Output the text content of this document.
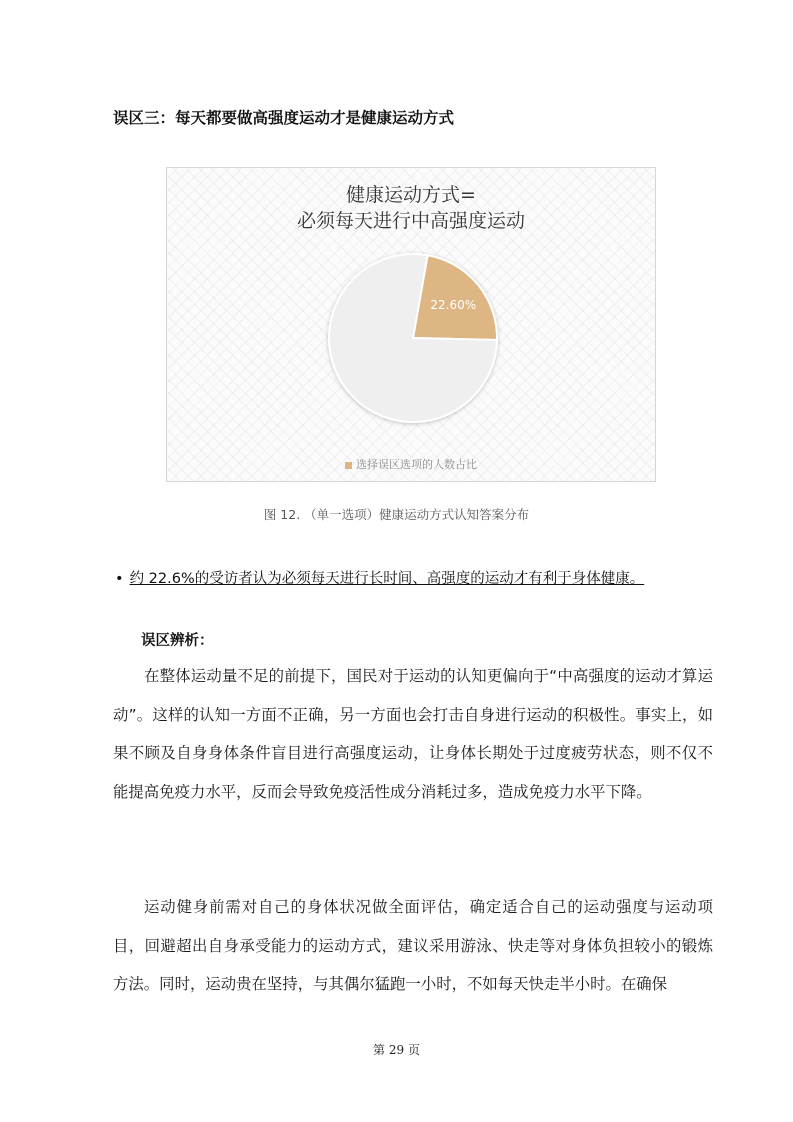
误区三：每天都要做高强度运动才是健康运动方式
健康运动方式=
必须每天进行中高强度运动
22.60%
选择误区选项的人数占比
图 12. （单一选项）健康运动方式认知答案分布
• 约 22.6%的受访者认为必须每天进行长时间、高强度的运动才有利于身体健康。
误区辨析：

在整体运动量不足的前提下，国民对于运动的认知更偏向于“中高强度的运动才算运动”。这样的认知一方面不正确，另一方面也会打击自身进行运动的积极性。事实上，如果不顾及自身身体条件盲目进行高强度运动，让身体长期处于过度疲劳状态，则不仅不能提高免疫力水平，反而会导致免疫活性成分消耗过多，造成免疫力水平下降。

运动健身前需对自己的身体状况做全面评估，确定适合自己的运动强度与运动项目，回避超出自身承受能力的运动方式，建议采用游泳、快走等对身体负担较小的锻炼方法。同时，运动贵在坚持，与其偶尔猛跑一小时，不如每天快走半小时。在确保

第 29 页
